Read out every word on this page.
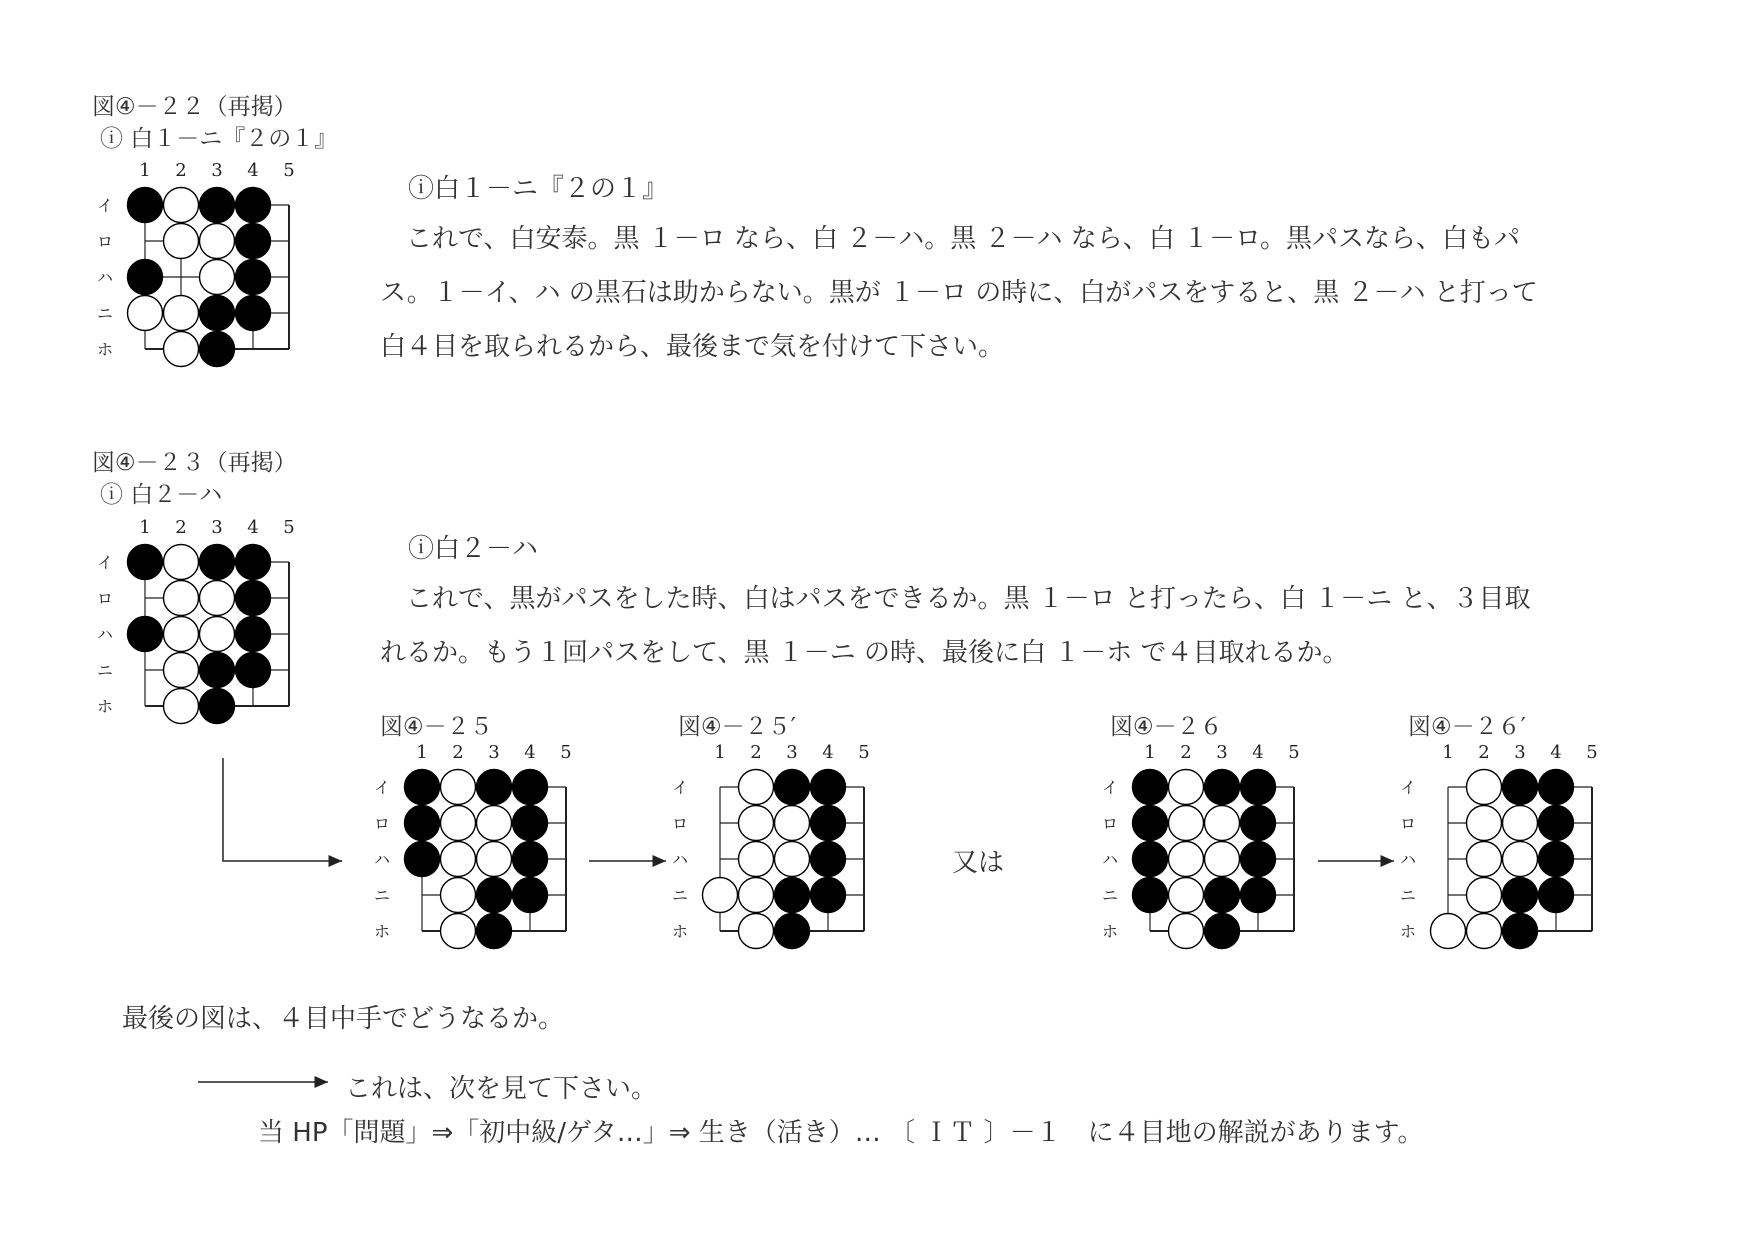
図④－２２（再掲）
ⓘ 白１－ニ『２の１』
ⓘ白１－ニ『２の１』
　これで、白安泰。黒 １－ロ なら、白 ２－ハ。黒 ２－ハ なら、白 １－ロ。黒パスなら、白もパ
ス。１－イ、ハ の黒石は助からない。黒が １－ロ の時に、白がパスをすると、黒 ２－ハ と打って
白４目を取られるから、最後まで気を付けて下さい。
図④－２３（再掲）
ⓘ 白２－ハ
ⓘ白２－ハ
　これで、黒がパスをした時、白はパスをできるか。黒 １－ロ と打ったら、白 １－ニ と、３目取
れるか。もう１回パスをして、黒 １－ニ の時、最後に白 １－ホ で４目取れるか。
図④－２５	図④－２５′	図④－２６	図④－２６′
又は
1 2 3 4 5
イ
ロ
ハ
ニ
ホ
1 2 3 4 5
イ
ロ
ハ
ニ
ホ
1 2 3 4 5
イ
ロ
ハ
ニ
ホ
1 2 3 4 5
イ
ロ
ハ
ニ
ホ
1 2 3 4 5
イ
ロ
ハ
ニ
ホ
1 2 3 4 5
イ
ロ
ハ
ニ
ホ
最後の図は、４目中手でどうなるか。
これは、次を見て下さい。
当 HP「問題」⇒「初中級/ゲタ…」⇒ 生き（活き）… 〔 ＩＴ 〕－１　に４目地の解説があります。
